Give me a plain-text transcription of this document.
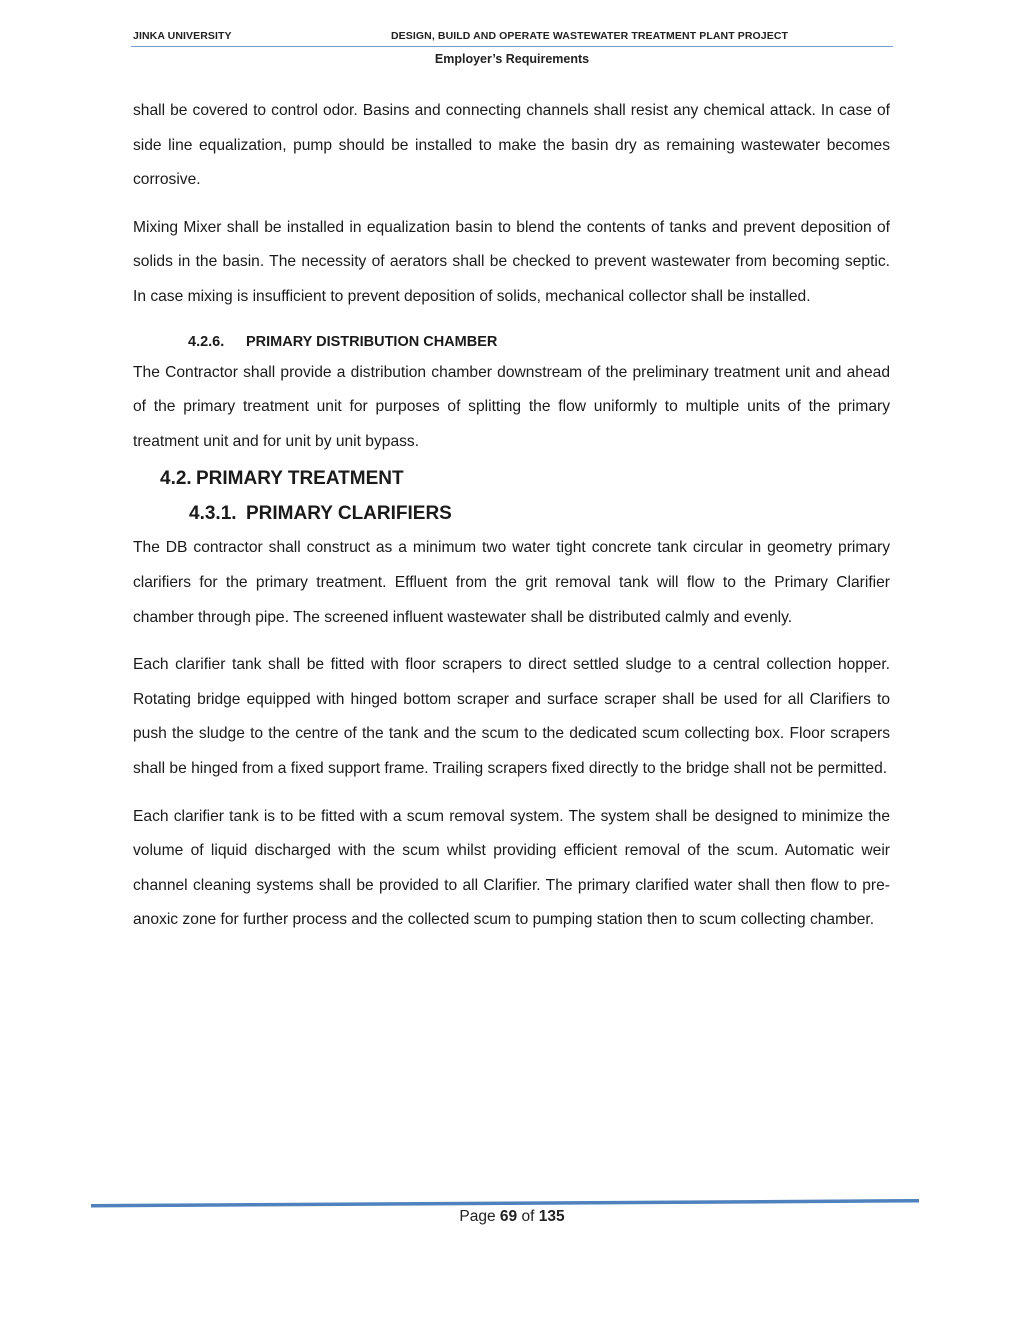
JINKA UNIVERSITY	DESIGN, BUILD AND OPERATE WASTEWATER TREATMENT PLANT PROJECT
Employer’s Requirements

shall be covered to control odor. Basins and connecting channels shall resist any chemical attack. In case of side line equalization, pump should be installed to make the basin dry as remaining wastewater becomes corrosive.

Mixing Mixer shall be installed in equalization basin to blend the contents of tanks and prevent deposition of solids in the basin. The necessity of aerators shall be checked to prevent wastewater from becoming septic. In case mixing is insufficient to prevent deposition of solids, mechanical collector shall be installed.

4.2.6. PRIMARY DISTRIBUTION CHAMBER

The Contractor shall provide a distribution chamber downstream of the preliminary treatment unit and ahead of the primary treatment unit for purposes of splitting the flow uniformly to multiple units of the primary treatment unit and for unit by unit bypass.

4.2. PRIMARY TREATMENT
4.3.1. PRIMARY CLARIFIERS

The DB contractor shall construct as a minimum two water tight concrete tank circular in geometry primary clarifiers for the primary treatment. Effluent from the grit removal tank will flow to the Primary Clarifier chamber through pipe. The screened influent wastewater shall be distributed calmly and evenly.

Each clarifier tank shall be fitted with floor scrapers to direct settled sludge to a central collection hopper. Rotating bridge equipped with hinged bottom scraper and surface scraper shall be used for all Clarifiers to push the sludge to the centre of the tank and the scum to the dedicated scum collecting box. Floor scrapers shall be hinged from a fixed support frame. Trailing scrapers fixed directly to the bridge shall not be permitted.

Each clarifier tank is to be fitted with a scum removal system. The system shall be designed to minimize the volume of liquid discharged with the scum whilst providing efficient removal of the scum. Automatic weir channel cleaning systems shall be provided to all Clarifier. The primary clarified water shall then flow to pre-anoxic zone for further process and the collected scum to pumping station then to scum collecting chamber.

Page 69 of 135
